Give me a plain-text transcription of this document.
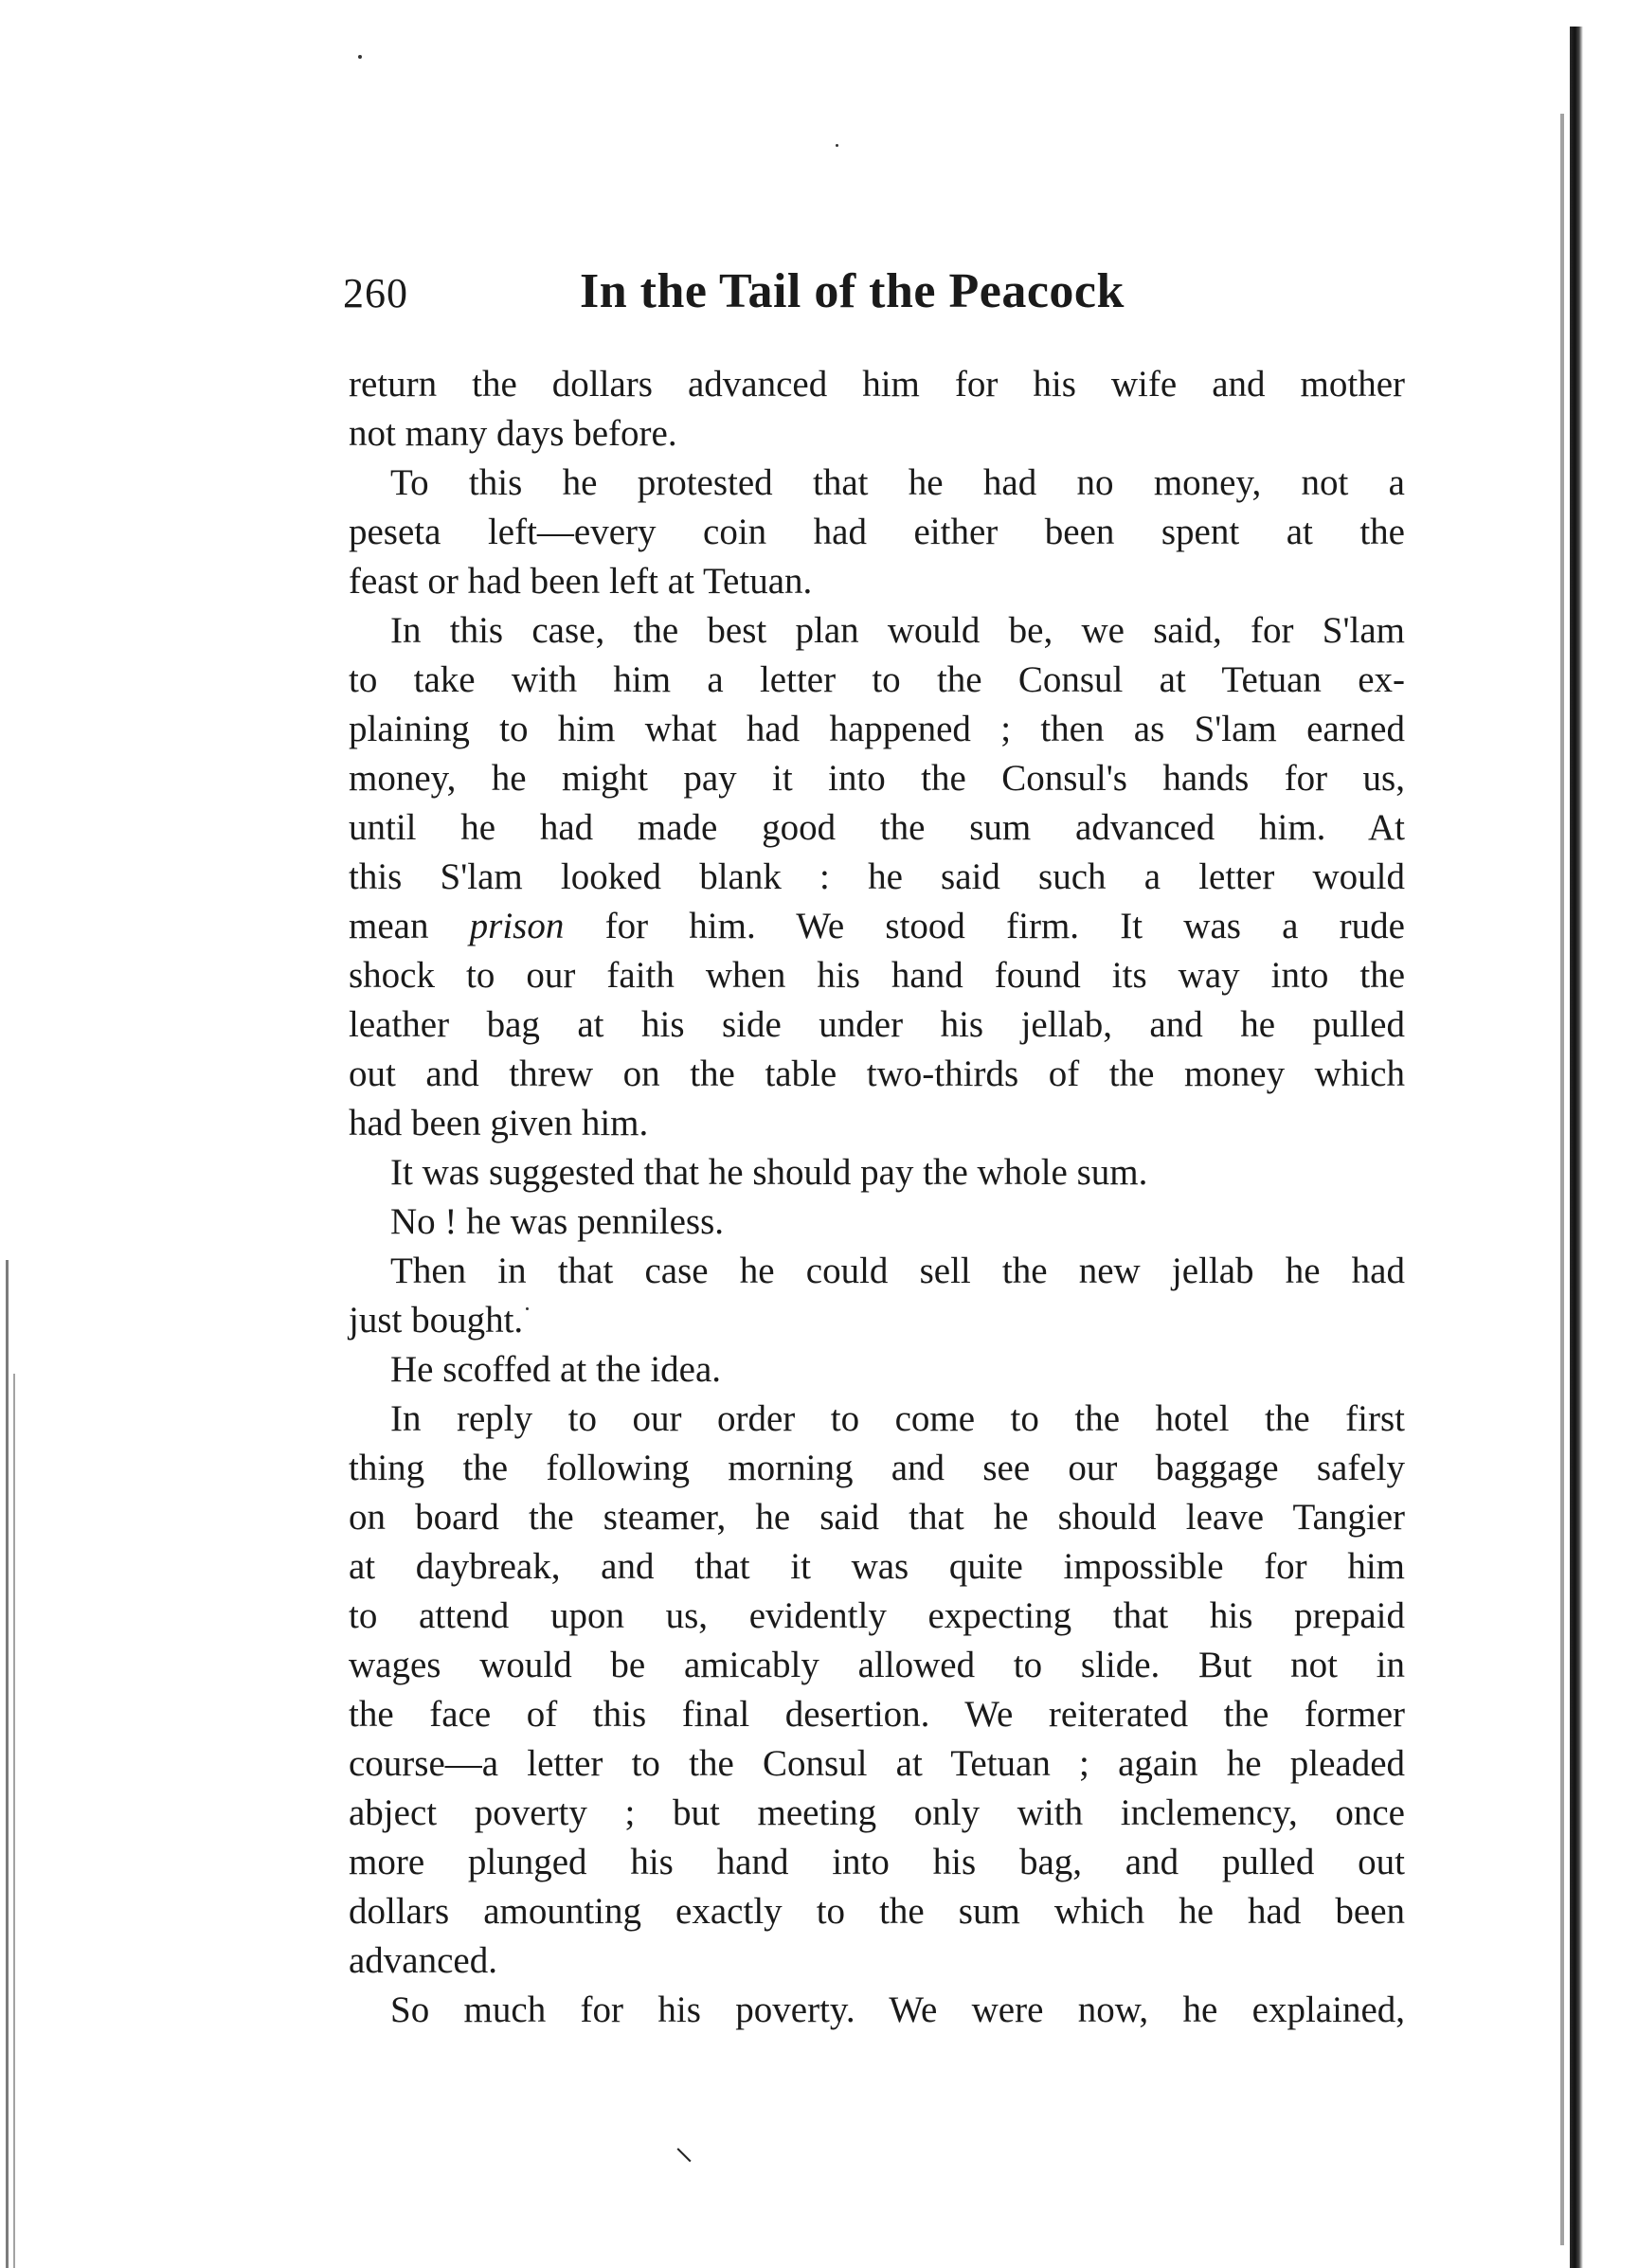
260	In the Tail of the Peacock
return the dollars advanced him for his wife and mother
not many days before.
To this he protested that he had no money, not a
peseta left—every coin had either been spent at the
feast or had been left at Tetuan.
In this case, the best plan would be, we said, for S'lam
to take with him a letter to the Consul at Tetuan ex-
plaining to him what had happened ; then as S'lam earned
money, he might pay it into the Consul's hands for us,
until he had made good the sum advanced him. At
this S'lam looked blank : he said such a letter would
mean prison for him. We stood firm. It was a rude
shock to our faith when his hand found its way into the
leather bag at his side under his jellab, and he pulled
out and threw on the table two-thirds of the money which
had been given him.
It was suggested that he should pay the whole sum.
No ! he was penniless.
Then in that case he could sell the new jellab he had
just bought.
He scoffed at the idea.
In reply to our order to come to the hotel the first
thing the following morning and see our baggage safely
on board the steamer, he said that he should leave Tangier
at daybreak, and that it was quite impossible for him
to attend upon us, evidently expecting that his prepaid
wages would be amicably allowed to slide. But not in
the face of this final desertion. We reiterated the former
course—a letter to the Consul at Tetuan ; again he pleaded
abject poverty ; but meeting only with inclemency, once
more plunged his hand into his bag, and pulled out
dollars amounting exactly to the sum which he had been
advanced.
So much for his poverty. We were now, he explained,
⸜
